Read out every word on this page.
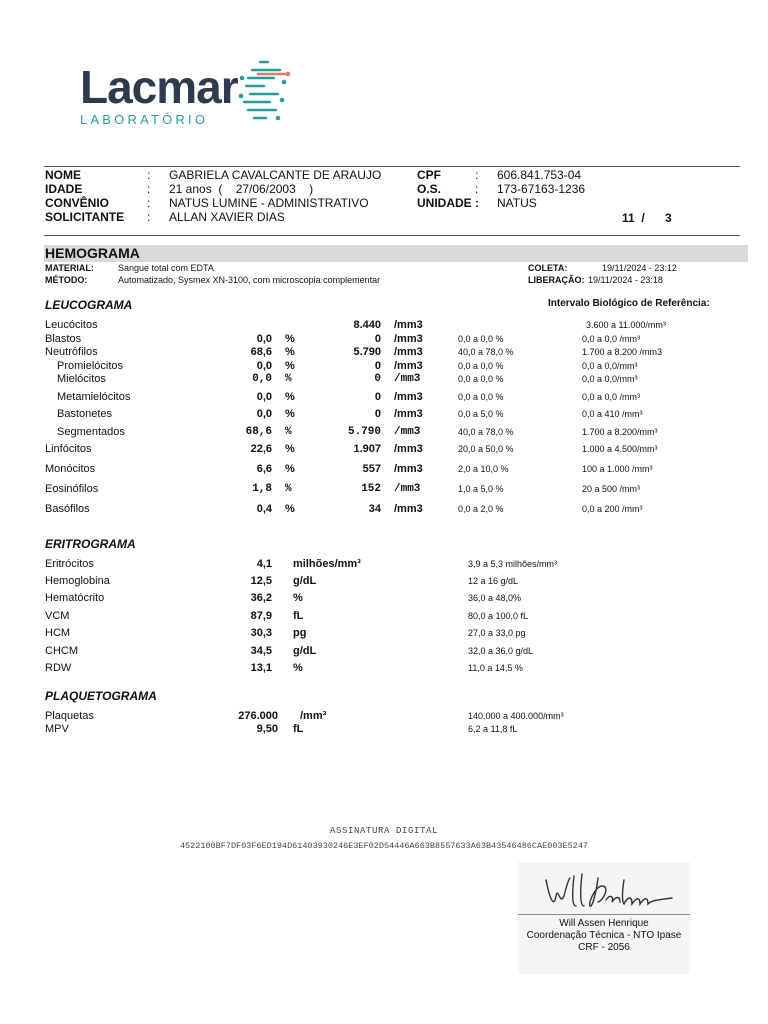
Lacmar
LABORATÓRIO
NOME	: GABRIELA CAVALCANTE DE ARAUJO
IDADE	: 21 anos  (    27/06/2003    )
CONVÊNIO	: NATUS LUMINE - ADMINISTRATIVO
SOLICITANTE : ALLAN XAVIER DIAS
CPF	: 606.841.753-04
O.S.	: 173-67163-1236
UNIDADE : NATUS
11  / 3
HEMOGRAMA
MATERIAL:	Sangue total com EDTA
MÉTODO:	Automatizado, Sysmex XN-3100, com microscopia complementar
COLETA:	19/11/2024 - 23:12
LIBERAÇÃO: 19/11/2024 - 23:18
Intervalo Biológico de Referência:
LEUCOGRAMA
Leucócitos	8.440 /mm3	3.600 a 11.000/mm³
Blastos	0,0 %	0 /mm3	0,0 a 0,0 %	0,0 a 0,0 /mm³
Neutrófilos	68,6 %	5.790 /mm3	40,0 a 78,0 %	1.700 a 8.200 /mm3
Promielócitos	0,0 %	0 /mm3	0,0 a 0,0 %	0,0 a 0,0/mm³
Mielócitos	0,0 %	0 /mm3	0,0 a 0,0 %	0,0 a 0,0/mm³
Metamielócitos	0,0 %	0 /mm3	0,0 a 0,0 %	0,0 a 0,0 /mm³
Bastonetes	0,0 %	0 /mm3	0,0 a 5,0 %	0,0 a 410 /mm³
Segmentados	68,6 %	5.790 /mm3	40,0 a 78,0 %	1.700 a 8.200/mm³
Linfócitos	22,6 %	1.907 /mm3	20,0 a 50,0 %	1.000 a 4.500/mm³
Monócitos	6,6 %	557 /mm3	2,0 a 10,0 %	100 a 1.000 /mm³
Eosinófilos	1,8 %	152 /mm3	1,0 a 5,0 %	20 a 500 /mm³
Basófilos	0,4 %	34 /mm3	0,0 a 2,0 %	0,0 a 200 /mm³
ERITROGRAMA
Eritrócitos	4,1 milhões/mm³	3,9 a 5,3 milhões/mm³
Hemoglobina	12,5 g/dL	12 a 16 g/dL
Hematócrito	36,2 %	36,0 a 48,0%
VCM	87,9 fL	80,0 a 100,0 fL
HCM	30,3 pg	27,0 a 33,0 pg
CHCM	34,5 g/dL	32,0 a 36,0 g/dL
RDW	13,1 %	11,0 a 14,5 %
PLAQUETOGRAMA
Plaquetas	276.000 /mm³	140.000 a 400.000/mm³
MPV	9,50 fL	6,2 a 11,8 fL
ASSINATURA DIGITAL
4522100BF7DF03F6ED194D61403930246E3EF02D54446A663B8557633A63B43546486CAE003E5247
Will Assen Henrique
Coordenação Técnica - NTO Ipase
CRF - 2056
